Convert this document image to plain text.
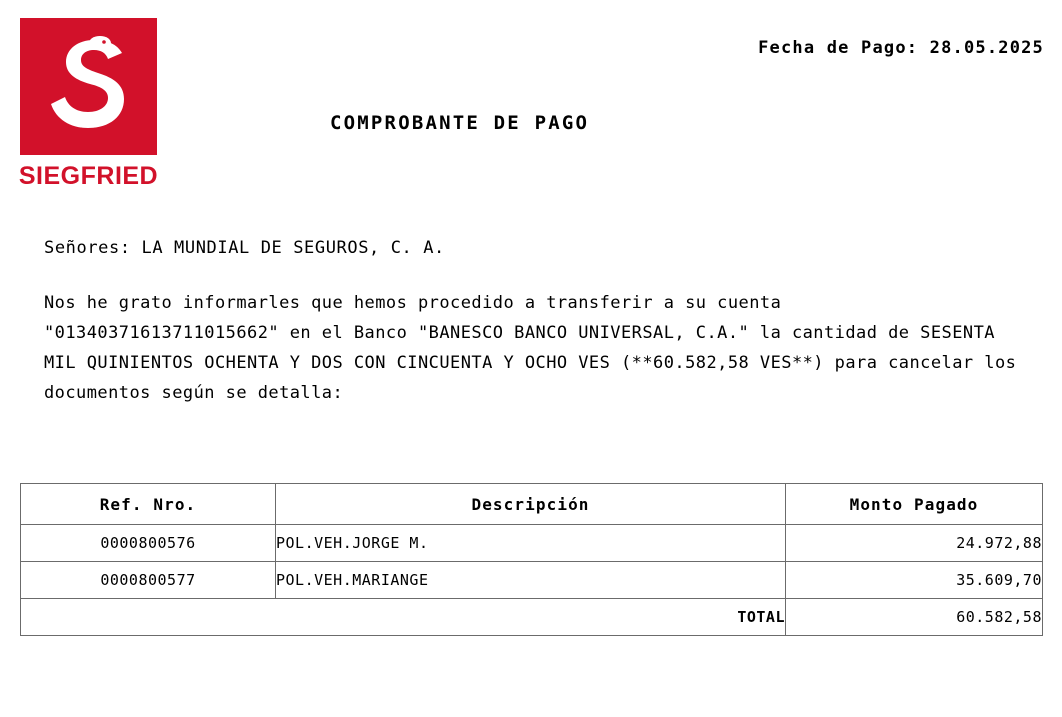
SIEGFRIED
Fecha de Pago: 28.05.2025
COMPROBANTE DE PAGO
Señores: LA MUNDIAL DE SEGUROS, C. A.
Nos he grato informarles que hemos procedido a transferir a su cuenta "01340371613711015662" en el Banco "BANESCO BANCO UNIVERSAL, C.A." la cantidad de SESENTA MIL QUINIENTOS OCHENTA Y DOS CON CINCUENTA Y OCHO VES (**60.582,58 VES**) para cancelar los documentos según se detalla:
Ref. Nro.	Descripción	Monto Pagado
0000800576	POL.VEH.JORGE M.	24.972,88
0000800577	POL.VEH.MARIANGE	35.609,70
TOTAL		60.582,58
